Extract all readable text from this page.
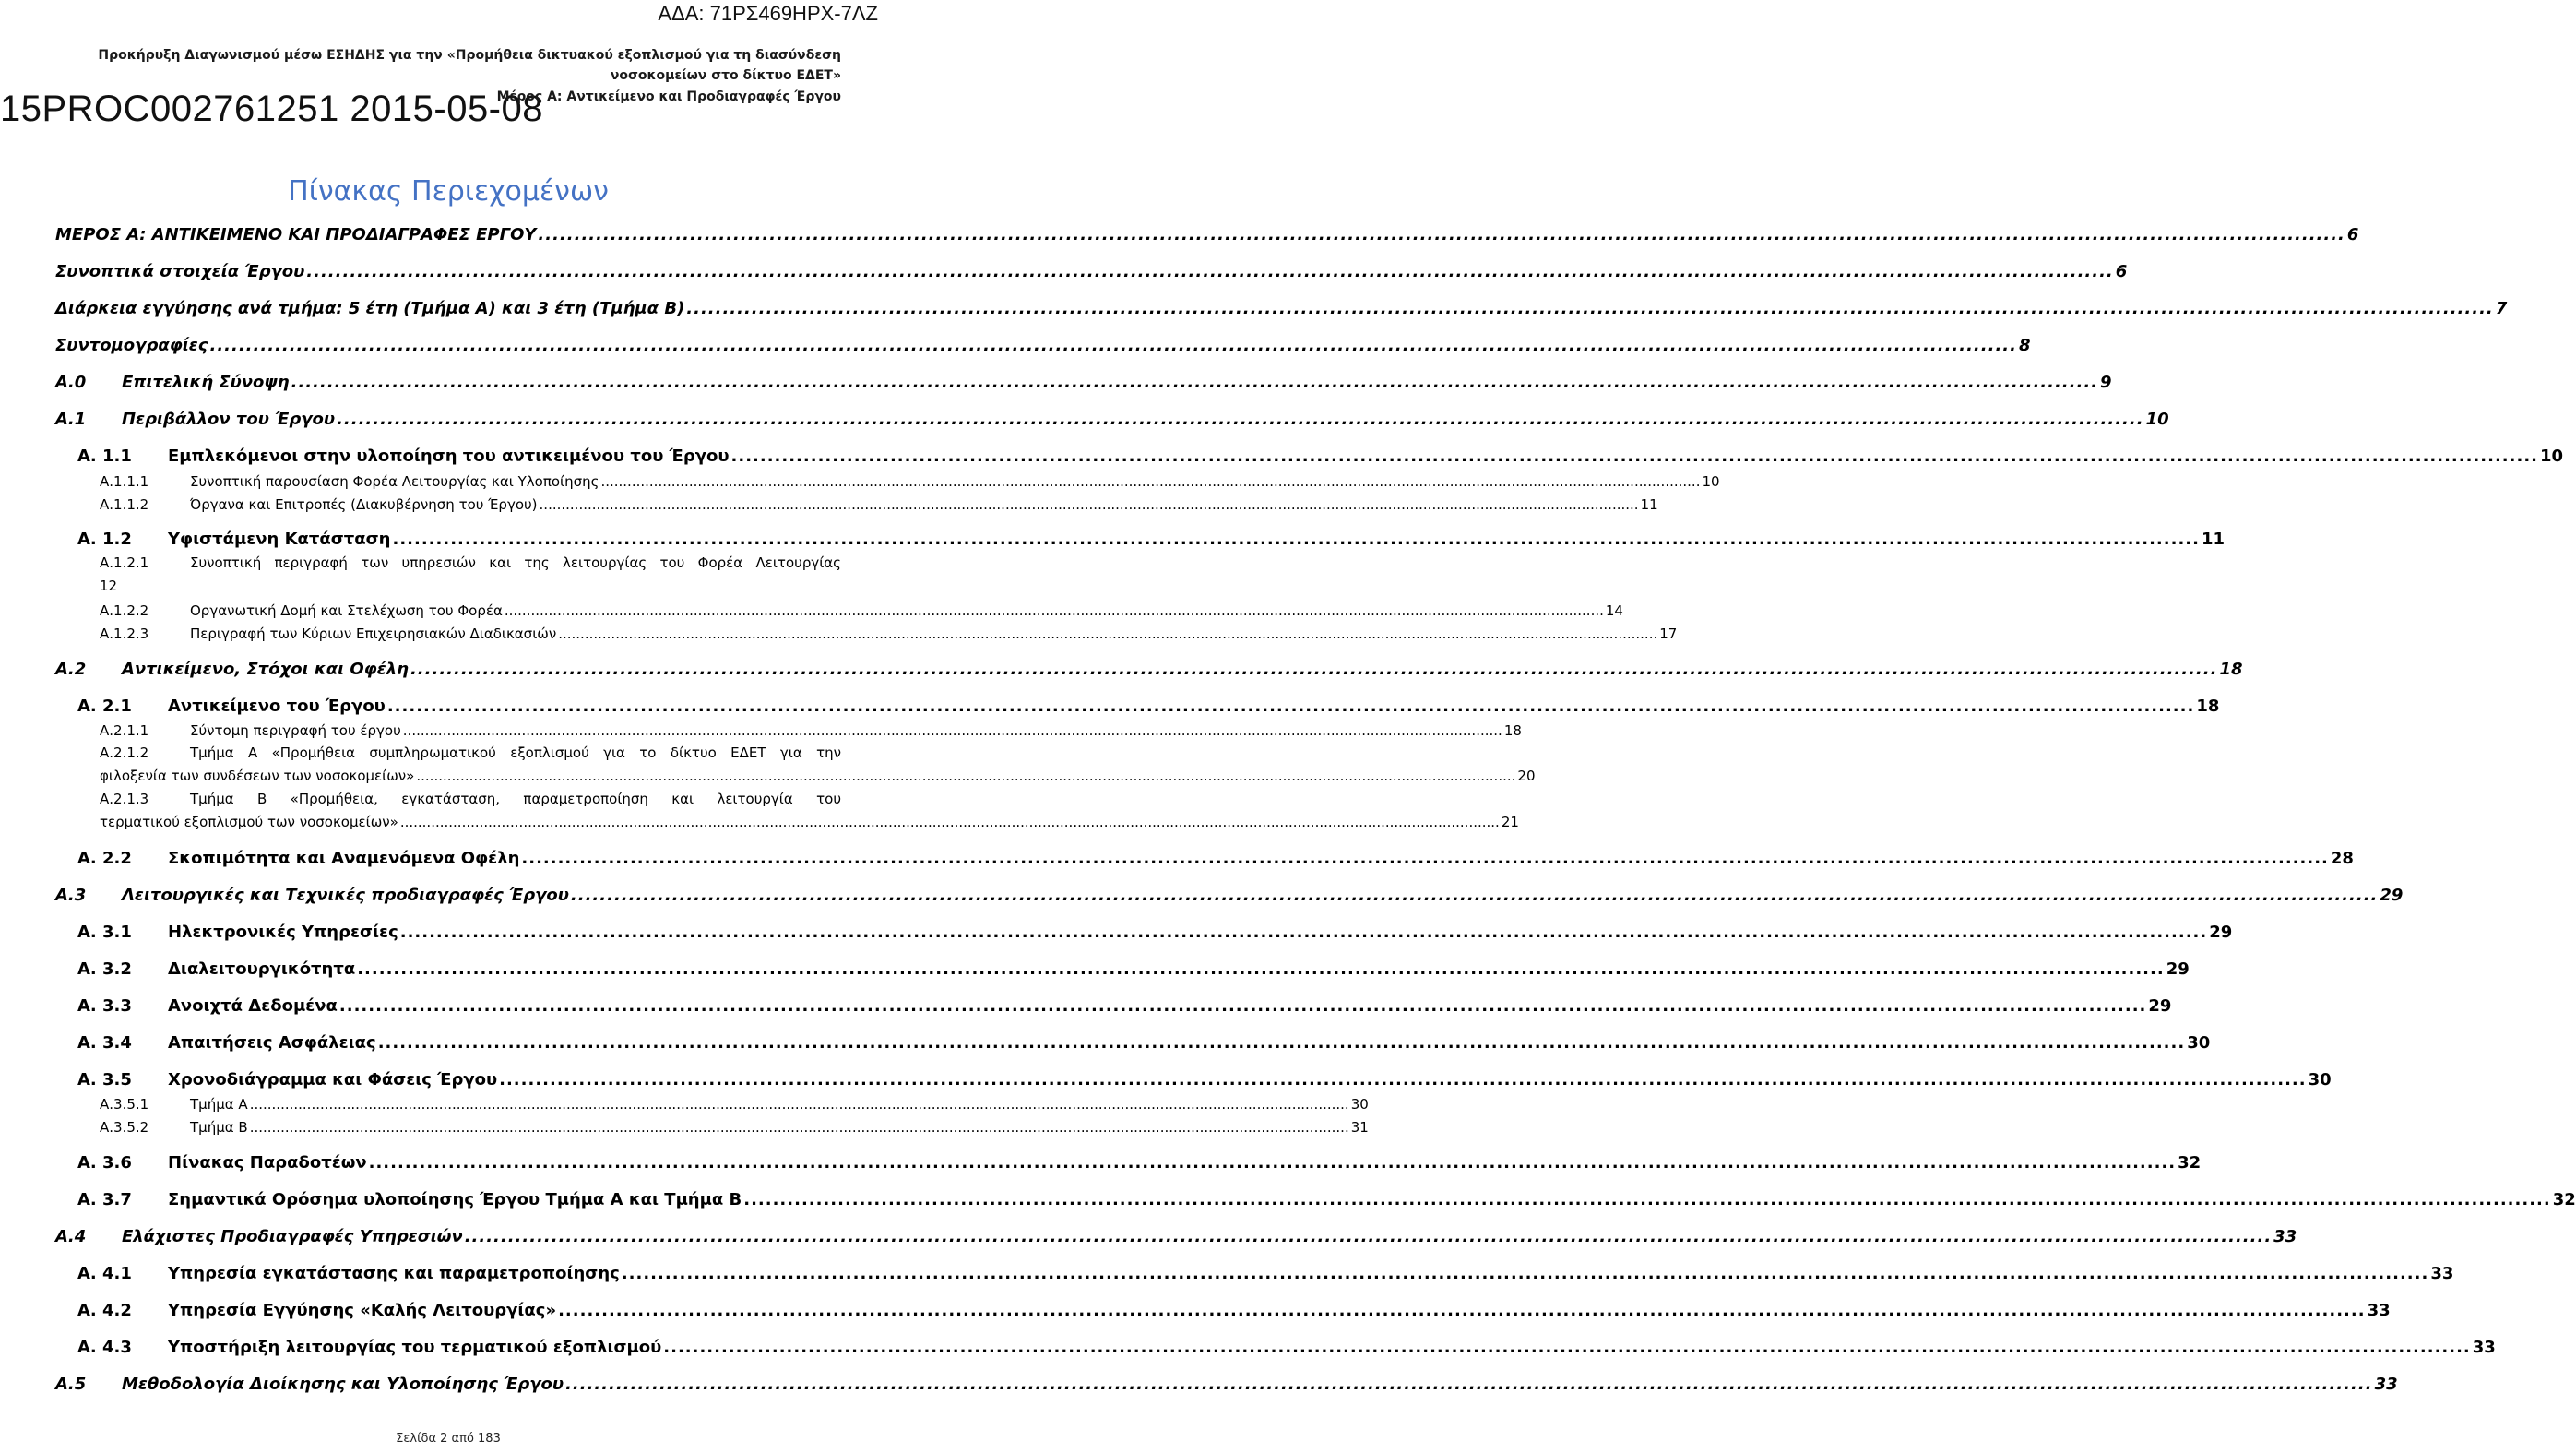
ΑΔΑ: 71ΡΣ469ΗΡΧ-7ΛΖ
Προκήρυξη Διαγωνισμού μέσω ΕΣΗΔΗΣ για την «Προμήθεια δικτυακού εξοπλισμού για τη διασύνδεση
νοσοκομείων στο δίκτυο ΕΔΕΤ»
15PROC002761251 2015-05-08
Μέρος Α: Αντικείμενο και Προδιαγραφές Έργου
Πίνακας Περιεχομένων
ΜΕΡΟΣ Α: ΑΝΤΙΚΕΙΜΕΝΟ ΚΑΙ ΠΡΟΔΙΑΓΡΑΦΕΣ ΕΡΓΟΥ .....	6
Συνοπτικά στοιχεία Έργου .....	6
Διάρκεια εγγύησης ανά τμήμα: 5 έτη (Τμήμα Α) και 3 έτη (Τμήμα Β) .....	7
Συντομογραφίες .....	8
Α.0	Επιτελική Σύνοψη .....	9
Α.1	Περιβάλλον του Έργου .....	10
Α. 1.1	Εμπλεκόμενοι στην υλοποίηση του αντικειμένου του Έργου .....	10
Α.1.1.1	Συνοπτική παρουσίαση Φορέα Λειτουργίας και Υλοποίησης .....	10
Α.1.1.2	Όργανα και Επιτροπές (Διακυβέρνηση του Έργου) .....	11
Α. 1.2	Υφιστάμενη Κατάσταση .....	11
Α.1.2.1	Συνοπτική περιγραφή των υπηρεσιών και της λειτουργίας του Φορέα Λειτουργίας
12
Α.1.2.2	Οργανωτική Δομή και Στελέχωση του Φορέα .....	14
Α.1.2.3	Περιγραφή των Κύριων Επιχειρησιακών Διαδικασιών .....	17
Α.2	Αντικείμενο, Στόχοι και Οφέλη .....	18
Α. 2.1	Αντικείμενο του Έργου .....	18
Α.2.1.1	Σύντομη περιγραφή του έργου .....	18
Α.2.1.2	Τμήμα Α «Προμήθεια συμπληρωματικού εξοπλισμού για το δίκτυο ΕΔΕΤ για την
φιλοξενία των συνδέσεων των νοσοκομείων» .....	20
Α.2.1.3	Τμήμα Β «Προμήθεια, εγκατάσταση, παραμετροποίηση και λειτουργία του
τερματικού εξοπλισμού των νοσοκομείων» .....	21
Α. 2.2	Σκοπιμότητα και Αναμενόμενα Οφέλη .....	28
Α.3	Λειτουργικές και Τεχνικές προδιαγραφές Έργου .....	29
Α. 3.1	Ηλεκτρονικές Υπηρεσίες .....	29
Α. 3.2	Διαλειτουργικότητα .....	29
Α. 3.3	Ανοιχτά Δεδομένα .....	29
Α. 3.4	Απαιτήσεις Ασφάλειας .....	30
Α. 3.5	Χρονοδιάγραμμα και Φάσεις Έργου .....	30
Α.3.5.1	Τμήμα Α .....	30
Α.3.5.2	Τμήμα Β .....	31
Α. 3.6	Πίνακας Παραδοτέων .....	32
Α. 3.7	Σημαντικά Ορόσημα υλοποίησης Έργου Τμήμα Α και Τμήμα Β .....	32
Α.4	Ελάχιστες Προδιαγραφές Υπηρεσιών .....	33
Α. 4.1	Υπηρεσία εγκατάστασης και παραμετροποίησης .....	33
Α. 4.2	Υπηρεσία Εγγύησης «Καλής Λειτουργίας» .....	33
Α. 4.3	Υποστήριξη λειτουργίας του τερματικού εξοπλισμού .....	33
Α.5	Μεθοδολογία Διοίκησης και Υλοποίησης Έργου .....	33
Σελίδα 2 από 183
